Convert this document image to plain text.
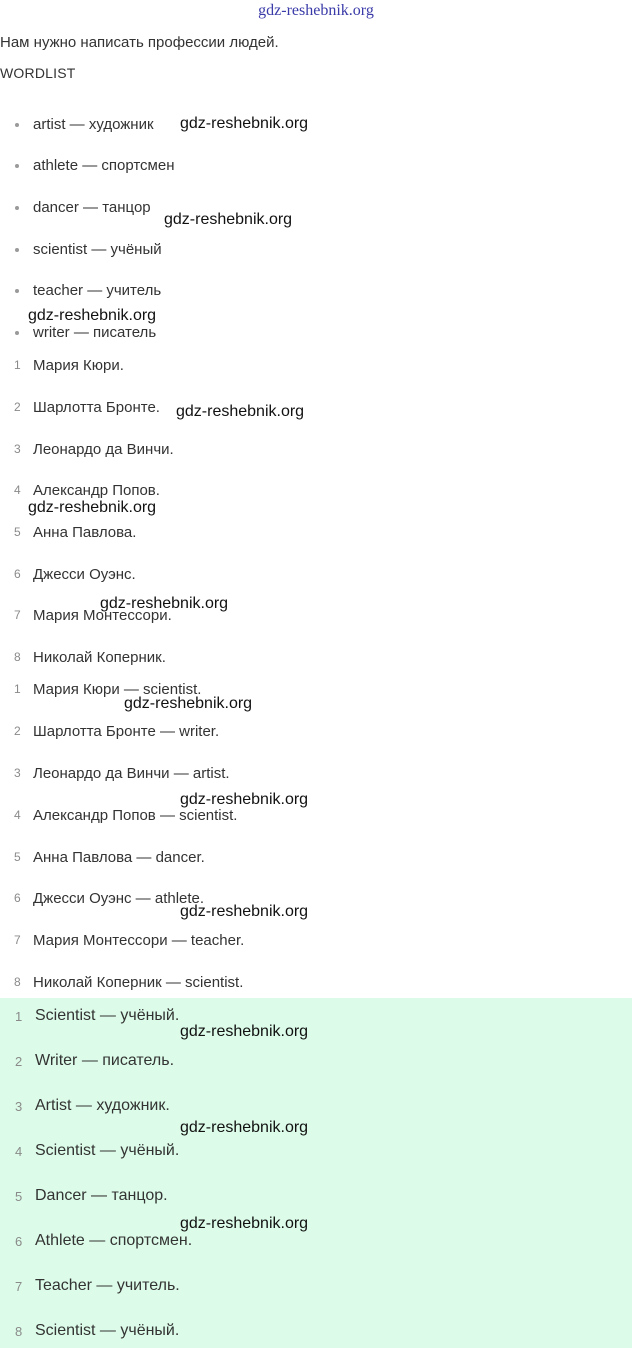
gdz-reshebnik.org
Нам нужно написать профессии людей.
WORDLIST
artist — художник
athlete — спортсмен
dancer — танцор
scientist — учёный
teacher — учитель
writer — писатель
1 Мария Кюри.
2 Шарлотта Бронте.
3 Леонардо да Винчи.
4 Александр Попов.
5 Анна Павлова.
6 Джесси Оуэнс.
7 Мария Монтессори.
8 Николай Коперник.
1 Мария Кюри — scientist.
2 Шарлотта Бронте — writer.
3 Леонардо да Винчи — artist.
4 Александр Попов — scientist.
5 Анна Павлова — dancer.
6 Джесси Оуэнс — athlete.
7 Мария Монтессори — teacher.
8 Николай Коперник — scientist.
1 Scientist — учёный.
2 Writer — писатель.
3 Artist — художник.
4 Scientist — учёный.
5 Dancer — танцор.
6 Athlete — спортсмен.
7 Teacher — учитель.
8 Scientist — учёный.
gdz-reshebnik.org
gdz-reshebnik.org
gdz-reshebnik.org
gdz-reshebnik.org
gdz-reshebnik.org
gdz-reshebnik.org
gdz-reshebnik.org
gdz-reshebnik.org
gdz-reshebnik.org
gdz-reshebnik.org
gdz-reshebnik.org
gdz-reshebnik.org
